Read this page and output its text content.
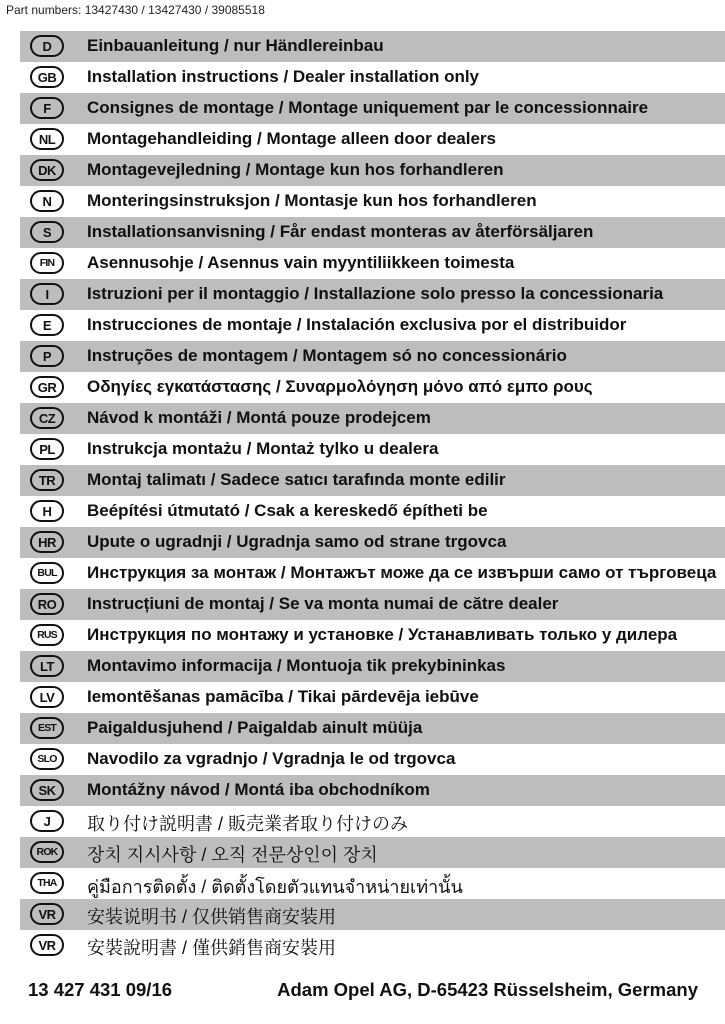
Part numbers: 13427430 / 13427430 / 39085518
D	Einbauanleitung / nur Händlereinbau
GB	Installation instructions / Dealer installation only
F	Consignes de montage / Montage uniquement par le concessionnaire
NL	Montagehandleiding / Montage alleen door dealers
DK	Montagevejledning / Montage kun hos forhandleren
N	Monteringsinstruksjon / Montasje kun hos forhandleren
S	Installationsanvisning / Får endast monteras av återförsäljaren
FIN	Asennusohje / Asennus vain myyntiliikkeen toimesta
I	Istruzioni per il montaggio / Installazione solo presso la concessionaria
E	Instrucciones de montaje / Instalación exclusiva por el distribuidor
P	Instruções de montagem / Montagem só no concessionário
GR	Οδηγίες εγκατάστασης / Συναρμολόγηση μόνο από εμπο ρους
CZ	Návod k montáži / Montá pouze prodejcem
PL	Instrukcja montażu / Montaż tylko u dealera
TR	Montaj talimatı / Sadece satıcı tarafında monte edilir
H	Beépítési útmutató / Csak a kereskedő építheti be
HR	Upute o ugradnji / Ugradnja samo od strane trgovca
BUL	Инструкция за монтаж / Монтажът може да се извърши само от търговеца
RO	Instrucțiuni de montaj / Se va monta numai de către dealer
RUS	Инструкция по монтажу и установке / Устанавливать только у дилера
LT	Montavimo informacija / Montuoja tik prekybininkas
LV	Iemontēšanas pamācība / Tikai pārdevēja iebūve
EST	Paigaldusjuhend / Paigaldab ainult müüja
SLO	Navodilo za vgradnjo / Vgradnja le od trgovca
SK	Montážny návod / Montá iba obchodníkom
J	取り付け説明書 / 販売業者取り付けのみ
ROK	장치 지시사항 / 오직 전문상인이 장치
THA	คู่มือการติดตั้ง / ติดตั้งโดยตัวแทนจำหน่ายเท่านั้น
VR	安装说明书 / 仅供销售商安装用
VR	安裝說明書 / 僅供銷售商安裝用
13 427 431 09/16	Adam Opel AG, D-65423 Rüsselsheim, Germany
